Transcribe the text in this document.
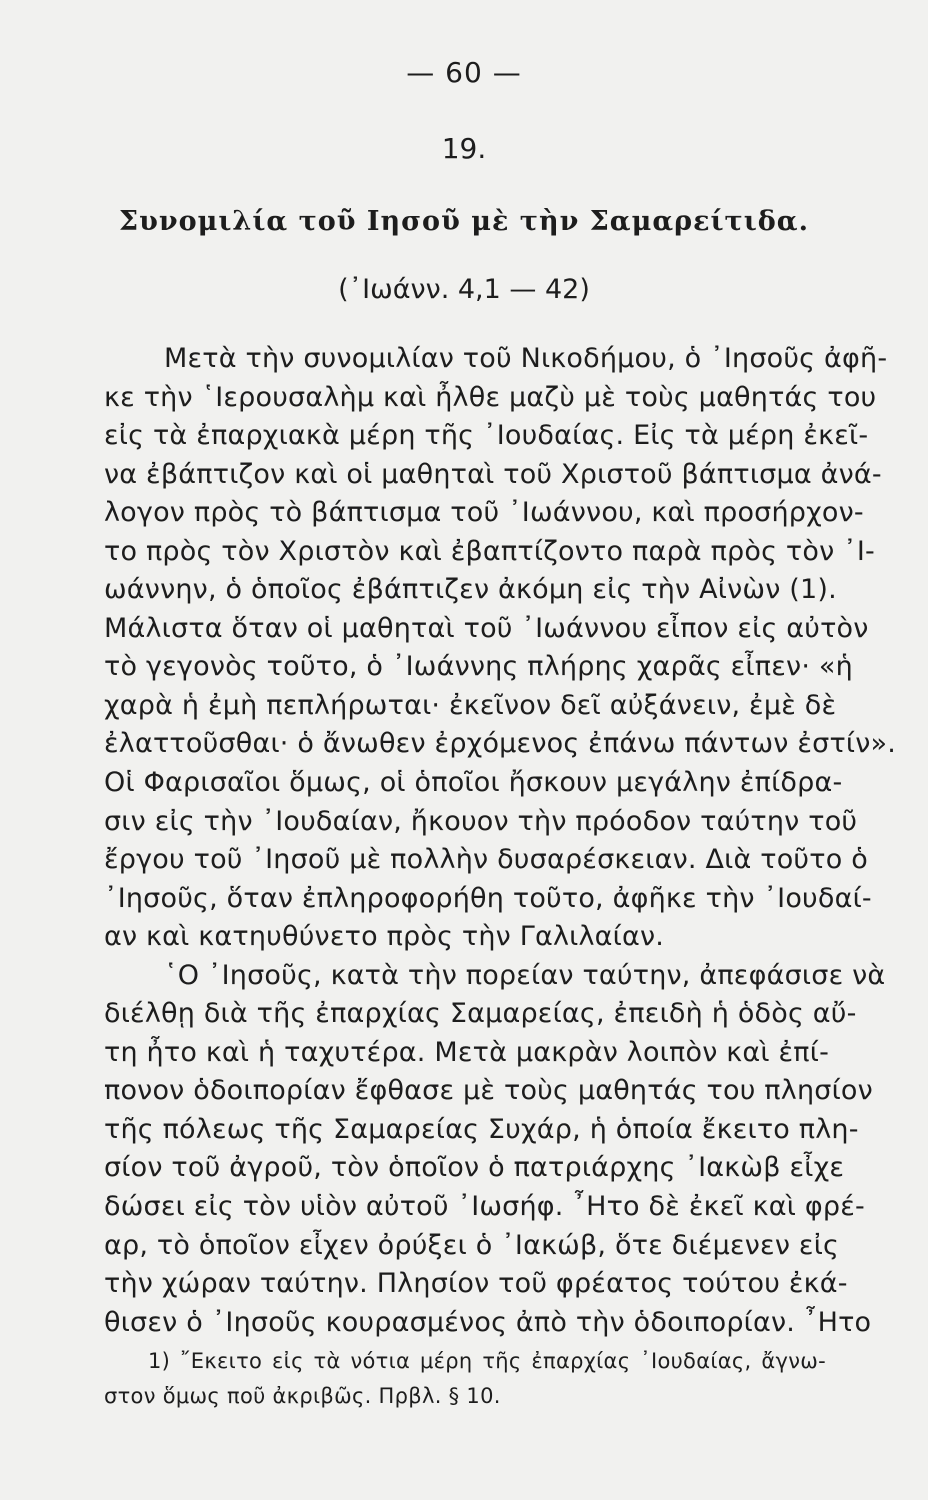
— 60 —
19.
Συνομιλία τοῦ Ιησοῦ μὲ τὴν Σαμαρείτιδα.
(᾿Ιωάνν. 4,1 — 42)
Μετὰ τὴν συνομιλίαν τοῦ Νικοδήμου, ὁ ᾿Ιησοῦς ἀφῆ-
κε τὴν ῾Ιερουσαλὴμ καὶ ἦλθε μαζὺ μὲ τοὺς μαθητάς του
εἰς τὰ ἐπαρχιακὰ μέρη τῆς ᾿Ιουδαίας. Εἰς τὰ μέρη ἐκεῖ-
να ἐβάπτιζον καὶ οἱ μαθηταὶ τοῦ Χριστοῦ βάπτισμα ἀνά-
λογον πρὸς τὸ βάπτισμα τοῦ ᾿Ιωάννου, καὶ προσήρχον-
το πρὸς τὸν Χριστὸν καὶ ἐβαπτίζοντο παρὰ πρὸς τὸν ᾿Ι-
ωάννην, ὁ ὁποῖος ἐβάπτιζεν ἀκόμη εἰς τὴν Αἰνὼν (1).
Μάλιστα ὅταν οἱ μαθηταὶ τοῦ ᾿Ιωάννου εἶπον εἰς αὐτὸν
τὸ γεγονὸς τοῦτο, ὁ ᾿Ιωάννης πλήρης χαρᾶς εἶπεν· «ἡ
χαρὰ ἡ ἐμὴ πεπλήρωται· ἐκεῖνον δεῖ αὐξάνειν, ἐμὲ δὲ
ἐλαττοῦσθαι· ὁ ἄνωθεν ἐρχόμενος ἐπάνω πάντων ἐστίν».
Οἱ Φαρισαῖοι ὅμως, οἱ ὁποῖοι ἤσκουν μεγάλην ἐπίδρα-
σιν εἰς τὴν ᾿Ιουδαίαν, ἤκουον τὴν πρόοδον ταύτην τοῦ
ἔργου τοῦ ᾿Ιησοῦ μὲ πολλὴν δυσαρέσκειαν. Διὰ τοῦτο ὁ
᾿Ιησοῦς, ὅταν ἐπληροφορήθη τοῦτο, ἀφῆκε τὴν ᾿Ιουδαί-
αν καὶ κατηυθύνετο πρὸς τὴν Γαλιλαίαν.
῾Ο ᾿Ιησοῦς, κατὰ τὴν πορείαν ταύτην, ἀπεφάσισε νὰ
διέλθῃ διὰ τῆς ἐπαρχίας Σαμαρείας, ἐπειδὴ ἡ ὁδὸς αὔ-
τη ἦτο καὶ ἡ ταχυτέρα. Μετὰ μακρὰν λοιπὸν καὶ ἐπί-
πονον ὁδοιπορίαν ἔφθασε μὲ τοὺς μαθητάς του πλησίον
τῆς πόλεως τῆς Σαμαρείας Συχάρ, ἡ ὁποία ἔκειτο πλη-
σίον τοῦ ἀγροῦ, τὸν ὁποῖον ὁ πατριάρχης ᾿Ιακὼβ εἶχε
δώσει εἰς τὸν υἱὸν αὐτοῦ ᾿Ιωσήφ. ῏Ητο δὲ ἐκεῖ καὶ φρέ-
αρ, τὸ ὁποῖον εἶχεν ὀρύξει ὁ ᾿Ιακώβ, ὅτε διέμενεν εἰς
τὴν χώραν ταύτην. Πλησίον τοῦ φρέατος τούτου ἐκά-
θισεν ὁ ᾿Ιησοῦς κουρασμένος ἀπὸ τὴν ὁδοιπορίαν. ῏Ητο
1) ῎Εκειτο εἰς τὰ νότια μέρη τῆς ἐπαρχίας ᾿Ιουδαίας, ἄγνω-
στον ὅμως ποῦ ἀκριβῶς. Πρβλ. § 10.
